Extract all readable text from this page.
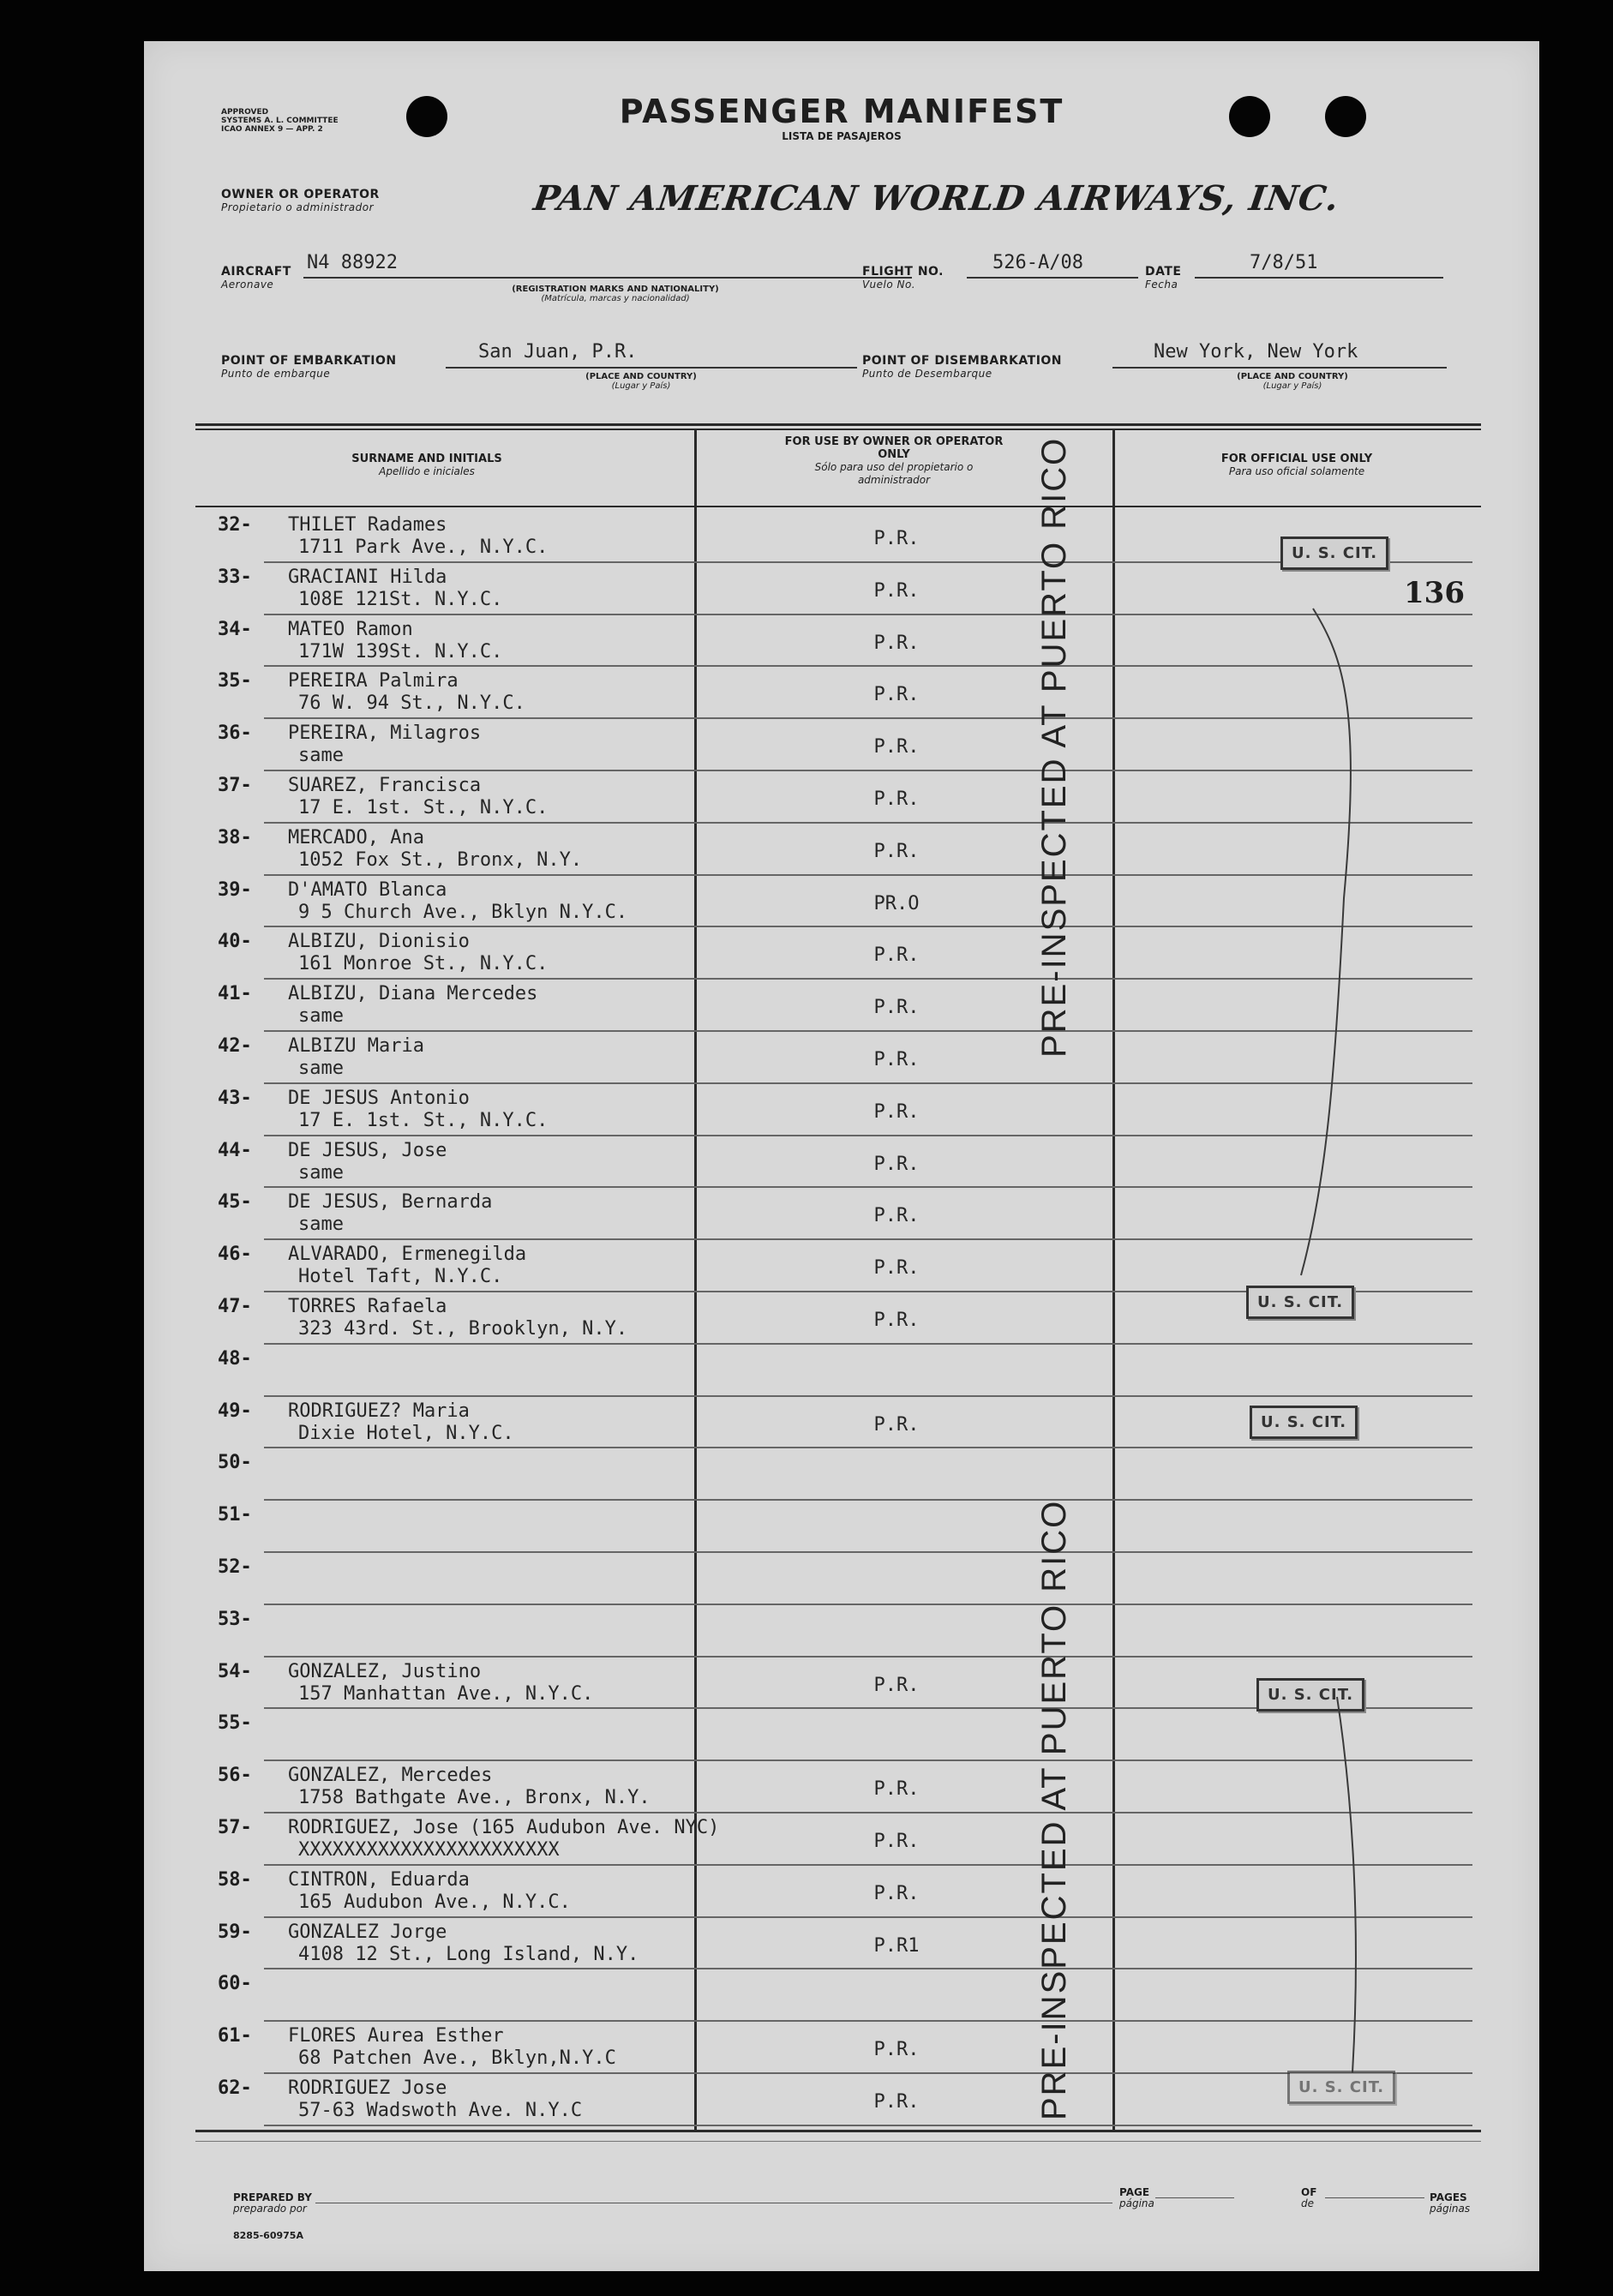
APPROVED
SYSTEMS A. L. COMMITTEE
ICAO ANNEX 9 — APP. 2	PASSENGER MANIFEST
LISTA DE PASAJEROS
OWNER OR OPERATOR
Propietario o administrador	PAN AMERICAN WORLD AIRWAYS, INC.
AIRCRAFT
Aeronave
N4 88922
(REGISTRATION MARKS AND NATIONALITY)
(Matrícula, marcas y nacionalidad)
FLIGHT NO.
Vuelo No.
526-A/08	DATE
Fecha
7/8/51
POINT OF EMBARKATION
Punto de embarque
San Juan, P.R.
(PLACE AND COUNTRY)
(Lugar y País)
POINT OF DISEMBARKATION
Punto de Desembarque
New York, New York
(PLACE AND COUNTRY)
(Lugar y País)
SURNAME AND INITIALS
Apellido e iniciales
FOR USE BY OWNER OR OPERATOR ONLY
Sólo para uso del propietario o administrador
FOR OFFICIAL USE ONLY
Para uso oficial solamente
32- THILET Radames
1711 Park Ave., N.Y.C.	P.R.
33- GRACIANI Hilda
108E 121St. N.Y.C.	P.R.
34- MATEO Ramon
171W 139St. N.Y.C.	P.R.
35- PEREIRA Palmira
76 W. 94 St., N.Y.C.	P.R.
36- PEREIRA, Milagros
same	P.R.
37- SUAREZ, Francisca
17 E. 1st. St., N.Y.C.	P.R.
38- MERCADO, Ana
1052 Fox St., Bronx, N.Y.	P.R.
39- D'AMATO Blanca
9 5 Church Ave., Bklyn N.Y.C.	PR.O
40- ALBIZU, Dionisio
161 Monroe St., N.Y.C.	P.R.
41- ALBIZU, Diana Mercedes
same	P.R.
42- ALBIZU Maria
same	P.R.
43- DE JESUS Antonio
17 E. 1st. St., N.Y.C.	P.R.
44- DE JESUS, Jose
same	P.R.
45- DE JESUS, Bernarda
same	P.R.
46- ALVARADO, Ermenegilda
Hotel Taft, N.Y.C.	P.R.
47- TORRES Rafaela
323 43rd. St., Brooklyn, N.Y.	P.R.
48-
49- RODRIGUEZ? Maria
Dixie Hotel, N.Y.C.	P.R.
50-
51-
52-
53-
54- GONZALEZ, Justino
157 Manhattan Ave., N.Y.C.	P.R.
55-
56- GONZALEZ, Mercedes
1758 Bathgate Ave., Bronx, N.Y.	P.R.
57- RODRIGUEZ, Jose (165 Audubon Ave. NYC)
XXXXXXXXXXXXXXXXXXXXXXX	P.R.
58- CINTRON, Eduarda
165 Audubon Ave., N.Y.C.	P.R.
59- GONZALEZ Jorge
4108 12 St., Long Island, N.Y.	P.R1
60-
61- FLORES Aurea Esther
68 Patchen Ave., Bklyn,N.Y.C	P.R.
62- RODRIGUEZ Jose
57-63 Wadswoth Ave. N.Y.C	P.R.
PRE-INSPECTED AT PUERTO RICO
PRE-INSPECTED AT PUERTO RICO
U. S. CIT.
U. S. CIT.
U. S. CIT.
U. S. CIT.
U. S. CIT.
136
PREPARED BY
preparado por
PAGE
página
OF
de	PAGES
páginas
8285-60975A
